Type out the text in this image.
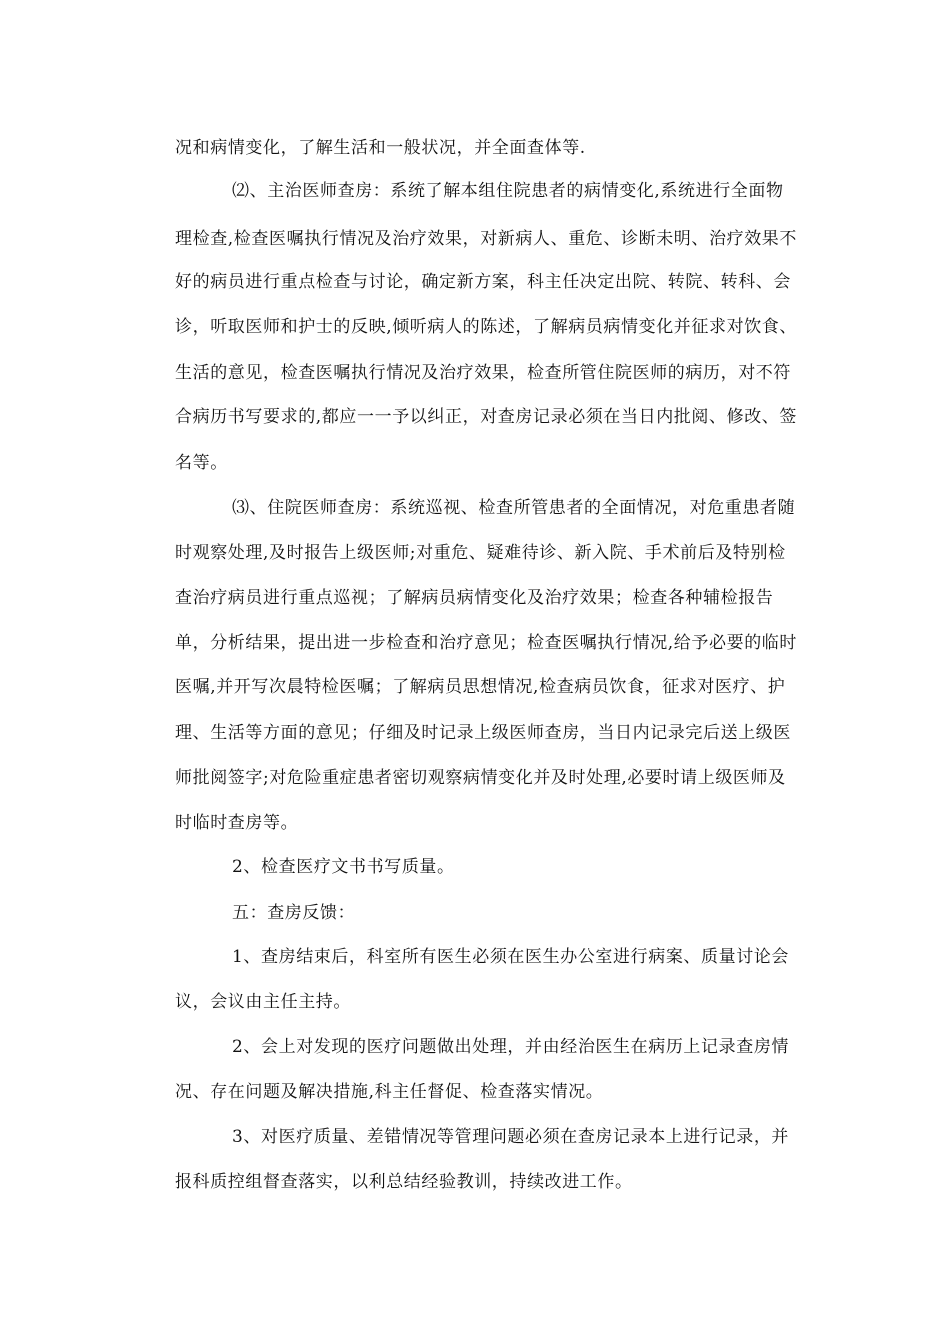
况和病情变化，了解生活和一般状况，并全面查体等.
⑵、主治医师查房：系统了解本组住院患者的病情变化,系统进行全面物
理检查,检查医嘱执行情况及治疗效果，对新病人、重危、诊断未明、治疗效果不
好的病员进行重点检查与讨论，确定新方案，科主任决定出院、转院、转科、会
诊，听取医师和护士的反映,倾听病人的陈述，了解病员病情变化并征求对饮食、
生活的意见，检查医嘱执行情况及治疗效果，检查所管住院医师的病历，对不符
合病历书写要求的,都应一一予以纠正，对查房记录必须在当日内批阅、修改、签
名等。
⑶、住院医师查房：系统巡视、检查所管患者的全面情况，对危重患者随
时观察处理,及时报告上级医师;对重危、疑难待诊、新入院、手术前后及特别检
查治疗病员进行重点巡视；了解病员病情变化及治疗效果；检查各种辅检报告
单，分析结果，提出进一步检查和治疗意见；检查医嘱执行情况,给予必要的临时
医嘱,并开写次晨特检医嘱；了解病员思想情况,检查病员饮食，征求对医疗、护
理、生活等方面的意见；仔细及时记录上级医师查房，当日内记录完后送上级医
师批阅签字;对危险重症患者密切观察病情变化并及时处理,必要时请上级医师及
时临时查房等。
2、检查医疗文书书写质量。
五：查房反馈：
1、查房结束后，科室所有医生必须在医生办公室进行病案、质量讨论会
议，会议由主任主持。
2、会上对发现的医疗问题做出处理，并由经治医生在病历上记录查房情
况、存在问题及解决措施,科主任督促、检查落实情况。
3、对医疗质量、差错情况等管理问题必须在查房记录本上进行记录，并
报科质控组督查落实，以利总结经验教训，持续改进工作。
